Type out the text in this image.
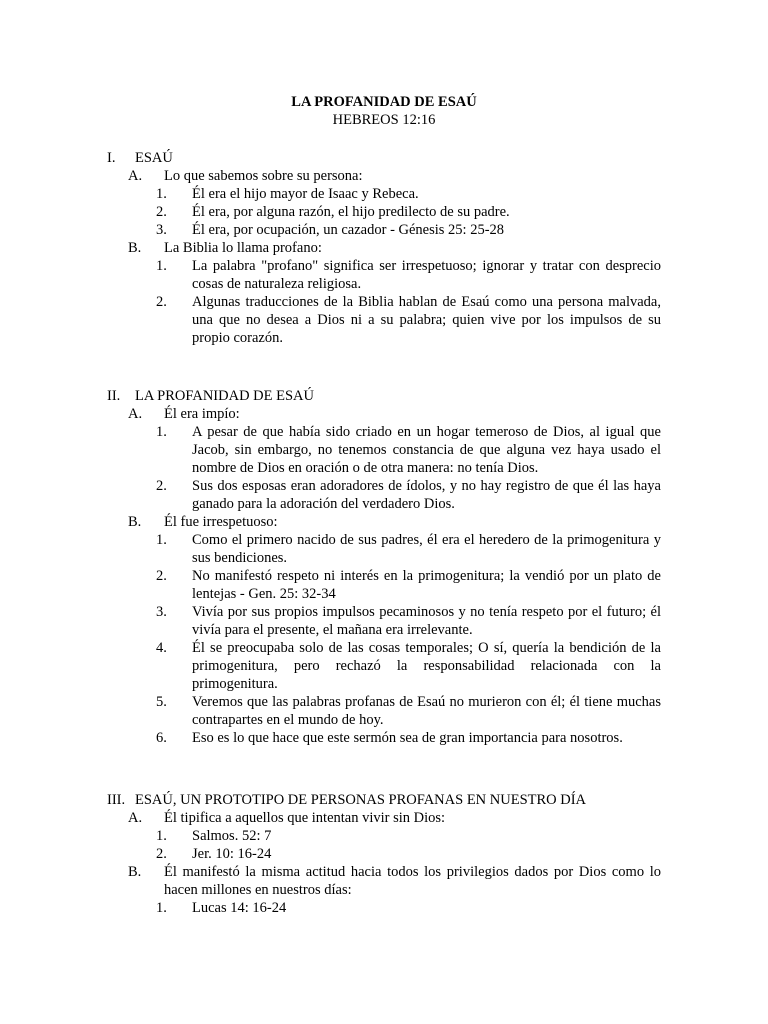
LA PROFANIDAD DE ESAÚ
HEBREOS 12:16
I.	ESAÚ
A.	Lo que sabemos sobre su persona:
1.	Él era el hijo mayor de Isaac y Rebeca.
2.	Él era, por alguna razón, el hijo predilecto de su padre.
3.	Él era, por ocupación, un cazador - Génesis 25: 25-28
B.	La Biblia lo llama profano:
1.	La palabra "profano" significa ser irrespetuoso; ignorar y tratar con desprecio cosas de naturaleza religiosa.
2.	Algunas traducciones de la Biblia hablan de Esaú como una persona malvada, una que no desea a Dios ni a su palabra; quien vive por los impulsos de su propio corazón.
II.	LA PROFANIDAD DE ESAÚ
A.	Él era impío:
1.	A pesar de que había sido criado en un hogar temeroso de Dios, al igual que Jacob, sin embargo, no tenemos constancia de que alguna vez haya usado el nombre de Dios en oración o de otra manera: no tenía Dios.
2.	Sus dos esposas eran adoradores de ídolos, y no hay registro de que él las haya ganado para la adoración del verdadero Dios.
B.	Él fue irrespetuoso:
1.	Como el primero nacido de sus padres, él era el heredero de la primogenitura y sus bendiciones.
2.	No manifestó respeto ni interés en la primogenitura; la vendió por un plato de lentejas - Gen. 25: 32-34
3.	Vivía por sus propios impulsos pecaminosos y no tenía respeto por el futuro; él vivía para el presente, el mañana era irrelevante.
4.	Él se preocupaba solo de las cosas temporales; O sí, quería la bendición de la primogenitura, pero rechazó la responsabilidad relacionada con la primogenitura.
5.	Veremos que las palabras profanas de Esaú no murieron con él; él tiene muchas contrapartes en el mundo de hoy.
6.	Eso es lo que hace que este sermón sea de gran importancia para nosotros.
III. ESAÚ, UN PROTOTIPO DE PERSONAS PROFANAS EN NUESTRO DÍA
A.	Él tipifica a aquellos que intentan vivir sin Dios:
1.	Salmos. 52: 7
2.	Jer. 10: 16-24
B.	Él manifestó la misma actitud hacia todos los privilegios dados por Dios como lo hacen millones en nuestros días:
1.	Lucas 14: 16-24
